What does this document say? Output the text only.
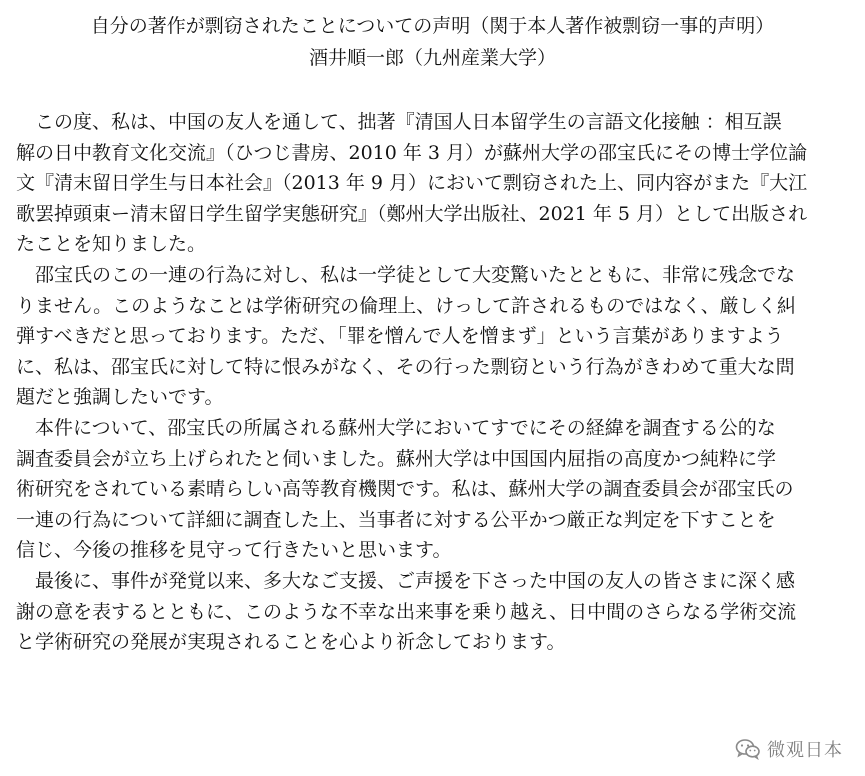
自分の著作が剽窃されたことについての声明（関于本人著作被剽窃一事的声明）
酒井順一郎（九州産業大学）

この度、私は、中国の友人を通して、拙著『清国人日本留学生の言語文化接触 ：相互誤
解の日中教育文化交流』（ひつじ書房、2010 年 3 月）が蘇州大学の邵宝氏にその博士学位論
文『清末留日学生与日本社会』（2013 年 9 月）において剽窃された上、同内容がまた『大江
歌罢掉頭東ー清末留日学生留学実態研究』（鄭州大学出版社、2021 年 5 月）として出版され
たことを知りました。

邵宝氏のこの一連の行為に対し、私は一学徒として大変驚いたとともに、非常に残念でな
りません。このようなことは学術研究の倫理上、けっして許されるものではなく、厳しく糾
弾すべきだと思っております。ただ、「罪を憎んで人を憎まず」という言葉がありますよう
に、私は、邵宝氏に対して特に恨みがなく、その行った剽窃という行為がきわめて重大な問
題だと強調したいです。

本件について、邵宝氏の所属される蘇州大学においてすでにその経緯を調査する公的な
調査委員会が立ち上げられたと伺いました。蘇州大学は中国国内屈指の高度かつ純粋に学
術研究をされている素晴らしい高等教育機関です。私は、蘇州大学の調査委員会が邵宝氏の
一連の行為について詳細に調査した上、当事者に対する公平かつ厳正な判定を下すことを
信じ、今後の推移を見守って行きたいと思います。

最後に、事件が発覚以来、多大なご支援、ご声援を下さった中国の友人の皆さまに深く感
謝の意を表するとともに、このような不幸な出来事を乗り越え、日中間のさらなる学術交流
と学術研究の発展が実現されることを心より祈念しております。

微观日本
